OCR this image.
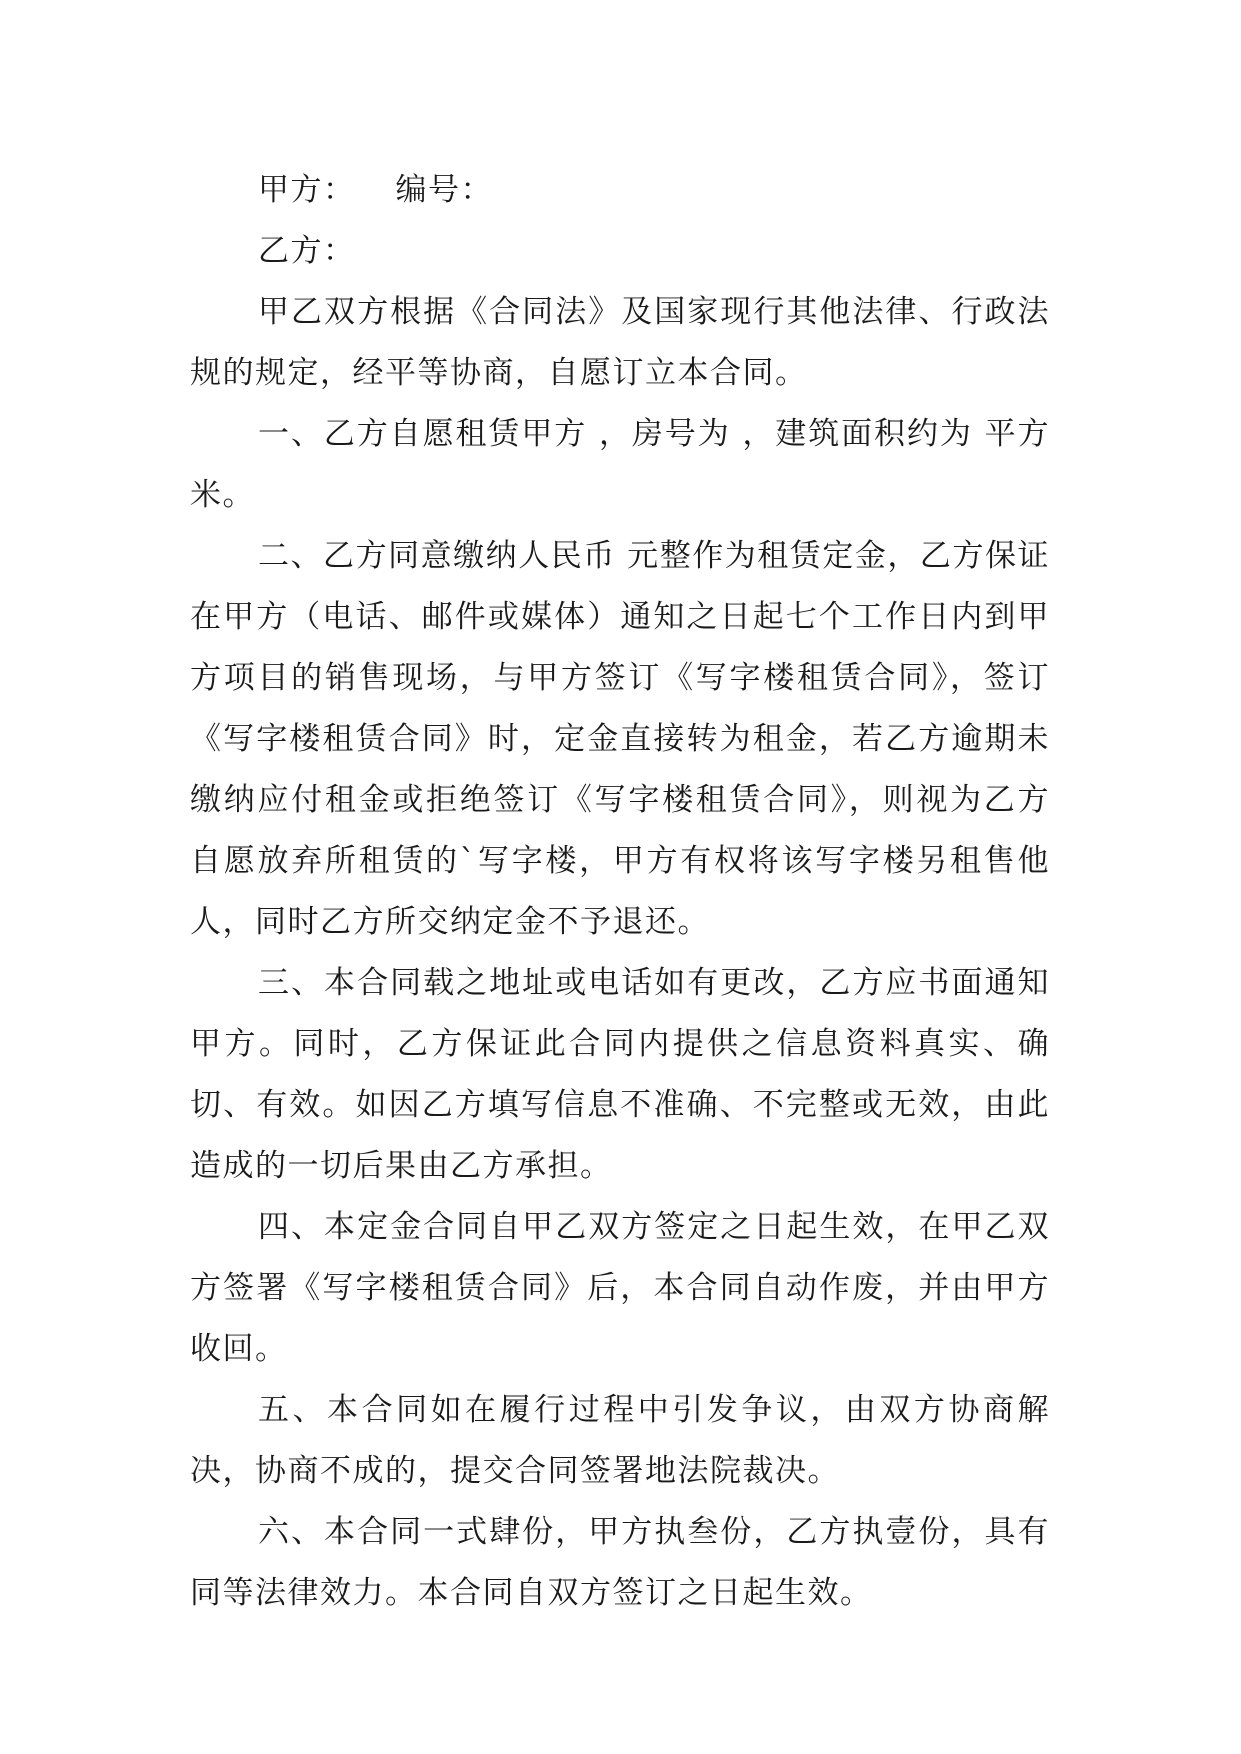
甲方： 编号：

乙方：

甲乙双方根据《合同法》及国家现行其他法律、行政法规的规定，经平等协商，自愿订立本合同。

一、乙方自愿租赁甲方 ，房号为 ，建筑面积约为 平方米。

二、乙方同意缴纳人民币 元整作为租赁定金，乙方保证在甲方（电话、邮件或媒体）通知之日起七个工作日内到甲方项目的销售现场，与甲方签订《写字楼租赁合同》，签订《写字楼租赁合同》时，定金直接转为租金，若乙方逾期未缴纳应付租金或拒绝签订《写字楼租赁合同》，则视为乙方自愿放弃所租赁的`写字楼，甲方有权将该写字楼另租售他人，同时乙方所交纳定金不予退还。

三、本合同载之地址或电话如有更改，乙方应书面通知甲方。同时，乙方保证此合同内提供之信息资料真实、确切、有效。如因乙方填写信息不准确、不完整或无效，由此造成的一切后果由乙方承担。

四、本定金合同自甲乙双方签定之日起生效，在甲乙双方签署《写字楼租赁合同》后，本合同自动作废，并由甲方收回。

五、本合同如在履行过程中引发争议，由双方协商解决，协商不成的，提交合同签署地法院裁决。

六、本合同一式肆份，甲方执叁份，乙方执壹份，具有同等法律效力。本合同自双方签订之日起生效。
